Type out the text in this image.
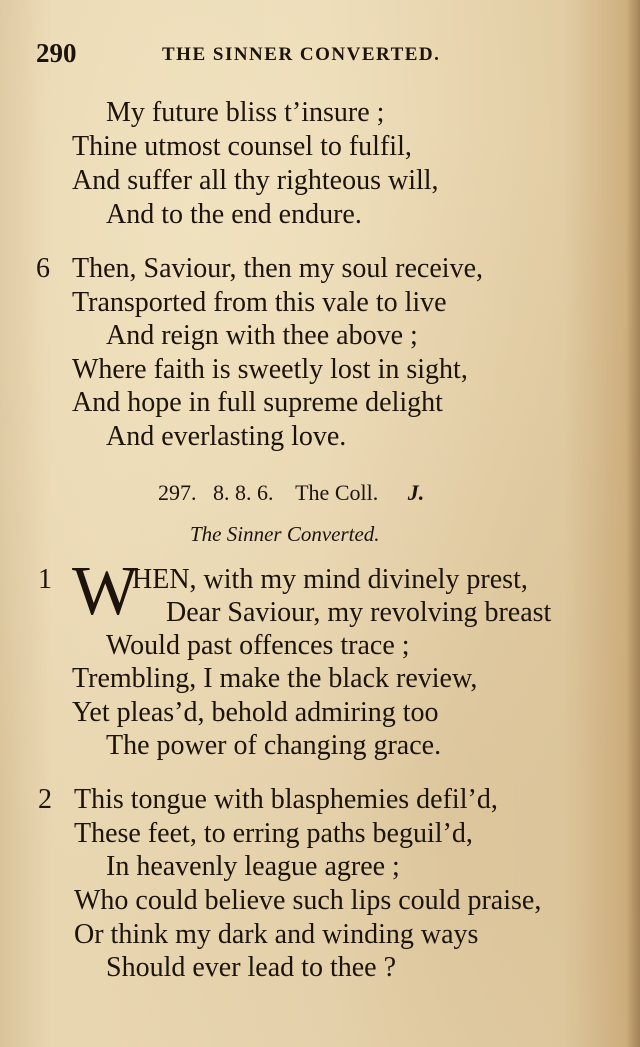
290	THE SINNER CONVERTED.
My future bliss t’insure ;
Thine utmost counsel to fulfil,
And suffer all thy righteous will,
And to the end endure.
6 Then, Saviour, then my soul receive,
Transported from this vale to live
And reign with thee above ;
Where faith is sweetly lost in sight,
And hope in full supreme delight
And everlasting love.
1	HEN, with my mind divinely prest,
Dear Saviour, my revolving breast
Would past offences trace ;
Trembling, I make the black review,
Yet pleas’d, behold admiring too
The power of changing grace.
2 This tongue with blasphemies defil’d,
These feet, to erring paths beguil’d,
In heavenly league agree ;
Who could believe such lips could praise,
Or think my dark and winding ways
Should ever lead to thee ?
297. 8. 8. 6. The Coll. J.
The Sinner Converted.
W
